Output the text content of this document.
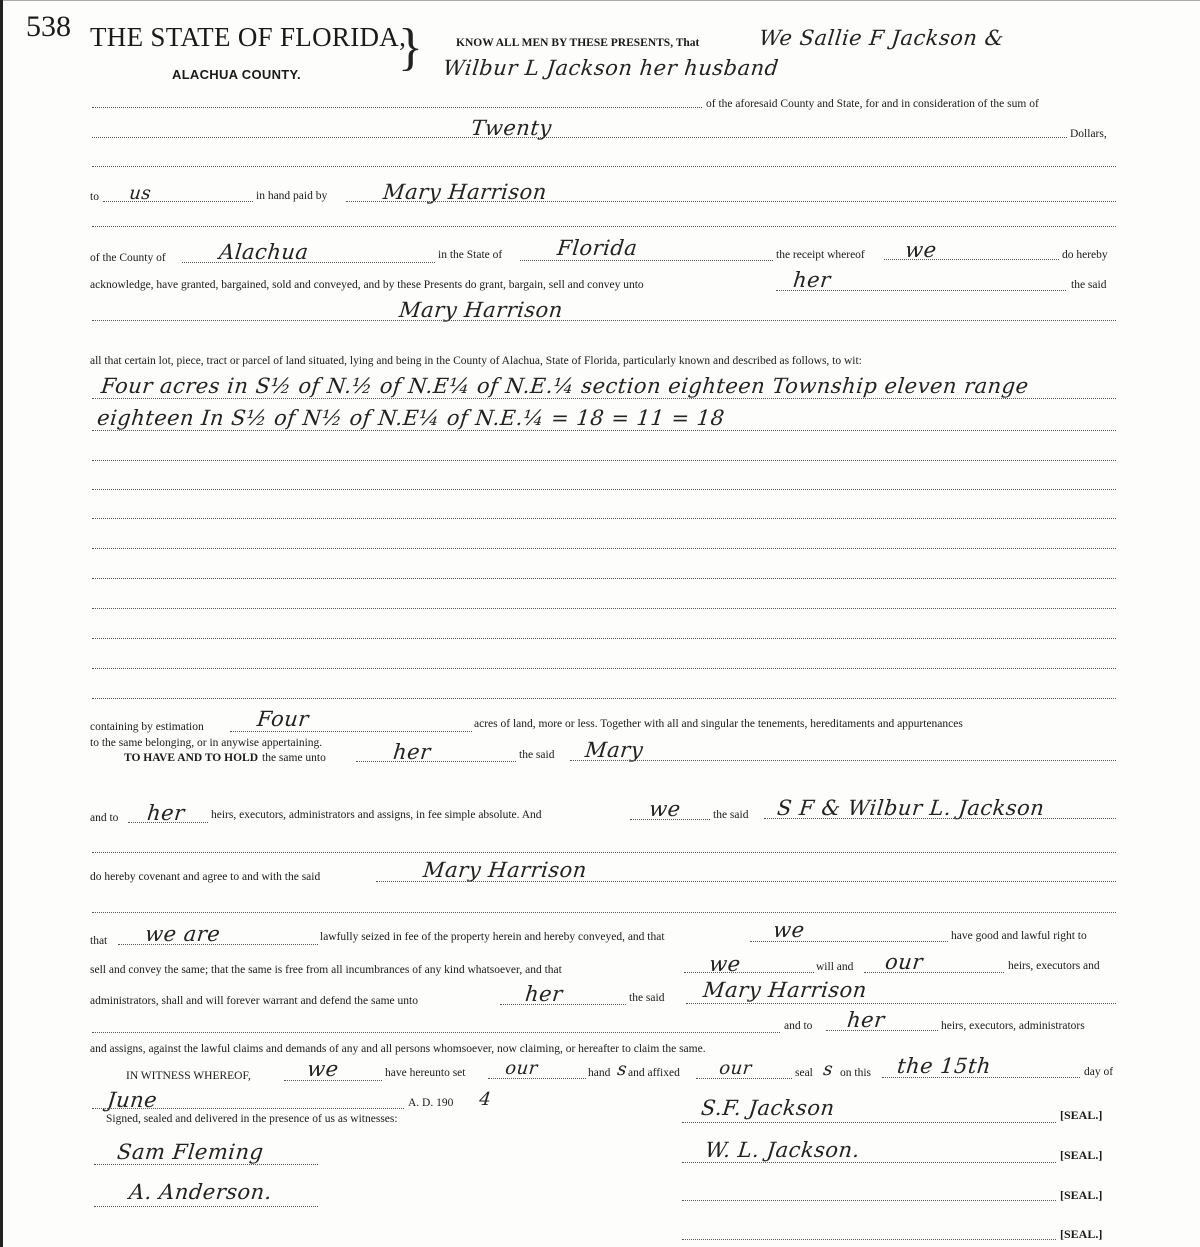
538 THE STATE OF FLORIDA,
}
ALACHUA COUNTY.
KNOW ALL MEN BY THESE PRESENTS, That	We Sallie F Jackson &
Wilbur L Jackson her husband
of the aforesaid County and State, for and in consideration of the sum of
Twenty	Dollars,
to us	in hand paid by	Mary Harrison
of the County of Alachua	in the State of	Florida	the receipt whereof we	do hereby
acknowledge, have granted, bargained, sold and conveyed, and by these Presents do grant, bargain, sell and convey unto	her	the said
Mary Harrison
all that certain lot, piece, tract or parcel of land situated, lying and being in the County of Alachua, State of Florida, particularly known and described as follows, to wit:
Four acres in S½ of N.½ of N.E¼ of N.E.¼ section eighteen Township eleven range
eighteen In S½ of N½ of N.E¼ of N.E.¼ = 18 = 11 = 18
containing by estimation Four	acres of land, more or less. Together with all and singular the tenements, hereditaments and appurtenances
to the same belonging, or in anywise appertaining.
TO HAVE AND TO HOLD the same unto	her	the said Mary
and to her heirs, executors, administrators and assigns, in fee simple absolute. And	we	the said S F & Wilbur L. Jackson
do hereby covenant and agree to and with the said	Mary Harrison
that we are	lawfully seized in fee of the property herein and hereby conveyed, and that	we	have good and lawful right to
sell and convey the same; that the same is free from all incumbrances of any kind whatsoever, and that	we	will and our	heirs, executors and
administrators, shall and will forever warrant and defend the same unto	her	the said Mary Harrison
and to her	heirs, executors, administrators
and assigns, against the lawful claims and demands of any and all persons whomsoever, now claiming, or hereafter to claim the same.
IN WITNESS WHEREOF,	we	have hereunto set our	hand s and affixed our	seal s on this the 15th	day of
June	A. D. 190 4
Signed, sealed and delivered in the presence of us as witnesses:	S.F. Jackson	[SEAL.]
Sam Fleming	W. L. Jackson.	[SEAL.]
A. Anderson.	[SEAL.]
[SEAL.]
